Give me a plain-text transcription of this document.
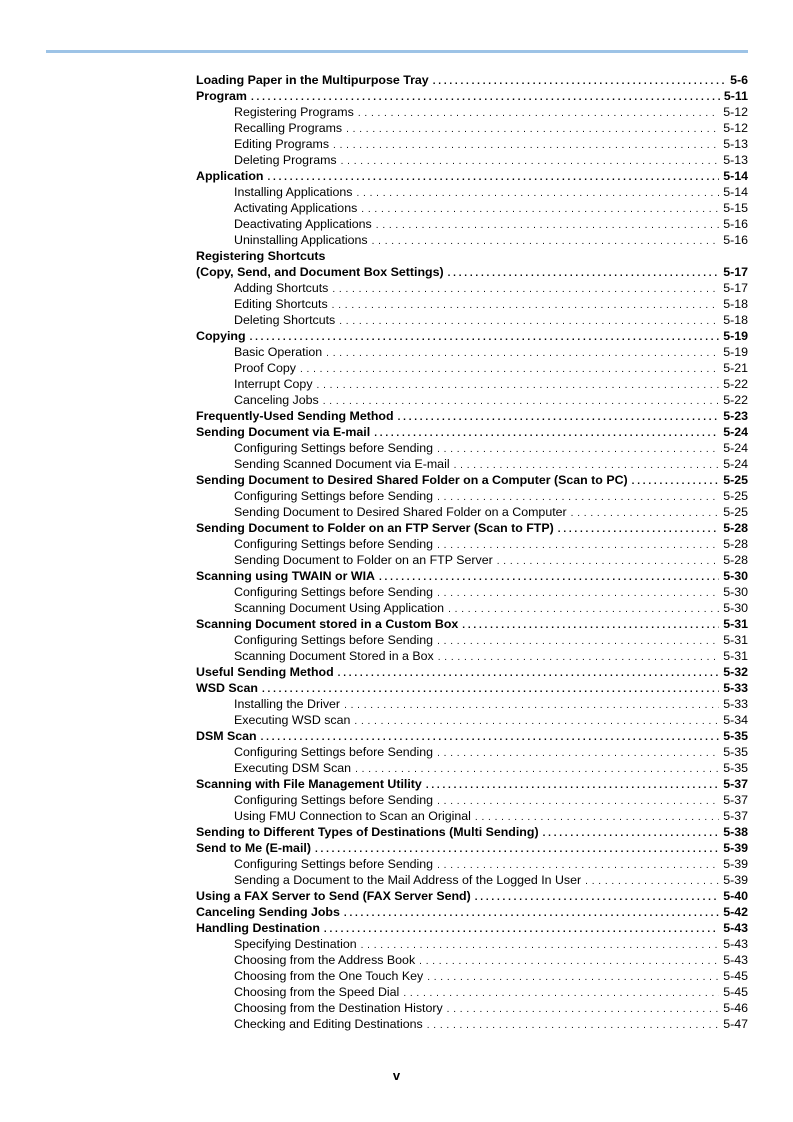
Loading Paper in the Multipurpose Tray . . .	5-6
Program . . .	5-11
Registering Programs . . .	5-12
Recalling Programs . . .	5-12
Editing Programs . . .	5-13
Deleting Programs . . .	5-13
Application . . .	5-14
Installing Applications . . .	5-14
Activating Applications . . .	5-15
Deactivating Applications . . .	5-16
Uninstalling Applications . . .	5-16
Registering Shortcuts
(Copy, Send, and Document Box Settings) . . .	5-17
Adding Shortcuts . . .	5-17
Editing Shortcuts . . .	5-18
Deleting Shortcuts . . .	5-18
Copying . . .	5-19
Basic Operation . . .	5-19
Proof Copy . . .	5-21
Interrupt Copy . . .	5-22
Canceling Jobs . . .	5-22
Frequently-Used Sending Method . . .	5-23
Sending Document via E-mail . . .	5-24
Configuring Settings before Sending . . .	5-24
Sending Scanned Document via E-mail . . .	5-24
Sending Document to Desired Shared Folder on a Computer (Scan to PC) . . .	5-25
Configuring Settings before Sending . . .	5-25
Sending Document to Desired Shared Folder on a Computer . . .	5-25
Sending Document to Folder on an FTP Server (Scan to FTP) . . .	5-28
Configuring Settings before Sending . . .	5-28
Sending Document to Folder on an FTP Server . . .	5-28
Scanning using TWAIN or WIA . . .	5-30
Configuring Settings before Sending . . .	5-30
Scanning Document Using Application . . .	5-30
Scanning Document stored in a Custom Box . . .	5-31
Configuring Settings before Sending . . .	5-31
Scanning Document Stored in a Box . . .	5-31
Useful Sending Method . . .	5-32
WSD Scan . . .	5-33
Installing the Driver . . .	5-33
Executing WSD scan . . .	5-34
DSM Scan . . .	5-35
Configuring Settings before Sending . . .	5-35
Executing DSM Scan . . .	5-35
Scanning with File Management Utility . . .	5-37
Configuring Settings before Sending . . .	5-37
Using FMU Connection to Scan an Original . . .	5-37
Sending to Different Types of Destinations (Multi Sending) . . .	5-38
Send to Me (E-mail) . . .	5-39
Configuring Settings before Sending . . .	5-39
Sending a Document to the Mail Address of the Logged In User . . .	5-39
Using a FAX Server to Send (FAX Server Send) . . .	5-40
Canceling Sending Jobs . . .	5-42
Handling Destination . . .	5-43
Specifying Destination . . .	5-43
Choosing from the Address Book . . .	5-43
Choosing from the One Touch Key . . .	5-45
Choosing from the Speed Dial . . .	5-45
Choosing from the Destination History . . .	5-46
Checking and Editing Destinations . . .	5-47
v
